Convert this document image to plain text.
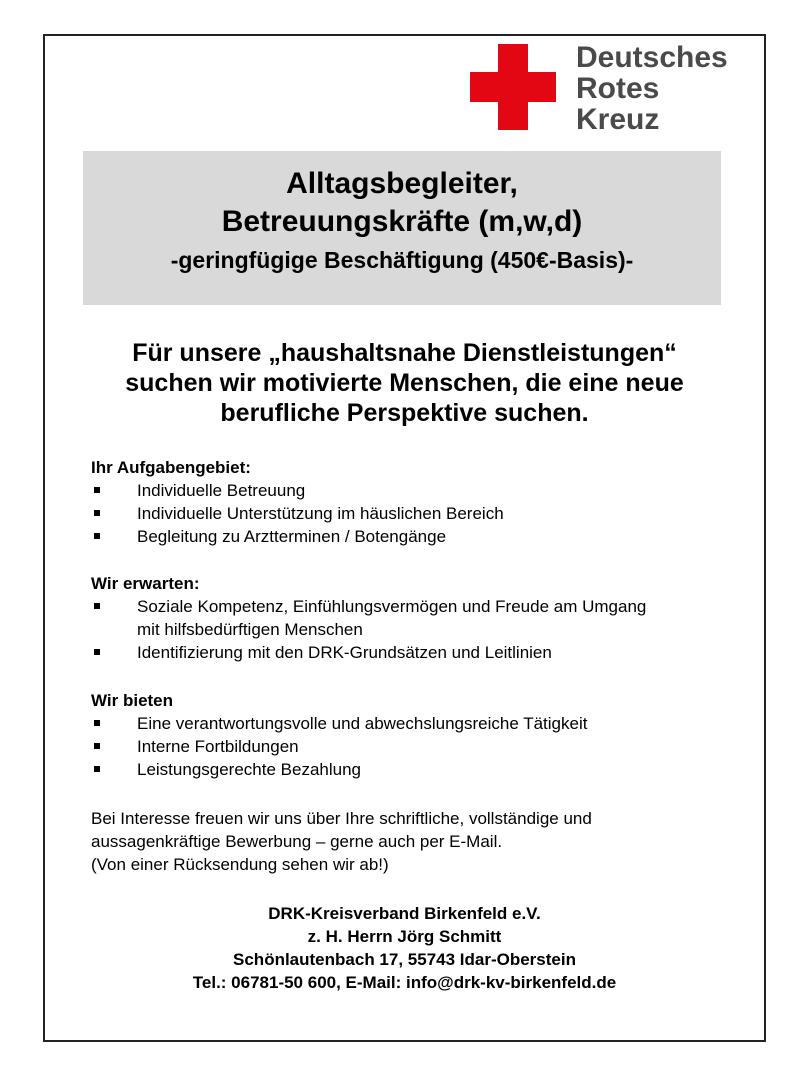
Deutsches
Rotes
Kreuz
Alltagsbegleiter,
Betreuungskräfte (m,w,d)
-geringfügige Beschäftigung (450€-Basis)-
Für unsere „haushaltsnahe Dienstleistungen“
suchen wir motivierte Menschen, die eine neue
berufliche Perspektive suchen.
Ihr Aufgabengebiet:
Individuelle Betreuung
Individuelle Unterstützung im häuslichen Bereich
Begleitung zu Arztterminen / Botengänge
Wir erwarten:
Soziale Kompetenz, Einfühlungsvermögen und Freude am Umgang mit hilfsbedürftigen Menschen
Identifizierung mit den DRK-Grundsätzen und Leitlinien
Wir bieten
Eine verantwortungsvolle und abwechslungsreiche Tätigkeit
Interne Fortbildungen
Leistungsgerechte Bezahlung
Bei Interesse freuen wir uns über Ihre schriftliche, vollständige und
aussagenkräftige Bewerbung – gerne auch per E-Mail.
(Von einer Rücksendung sehen wir ab!)
DRK-Kreisverband Birkenfeld e.V.
z. H. Herrn Jörg Schmitt
Schönlautenbach 17, 55743 Idar-Oberstein
Tel.: 06781-50 600, E-Mail: info@drk-kv-birkenfeld.de
